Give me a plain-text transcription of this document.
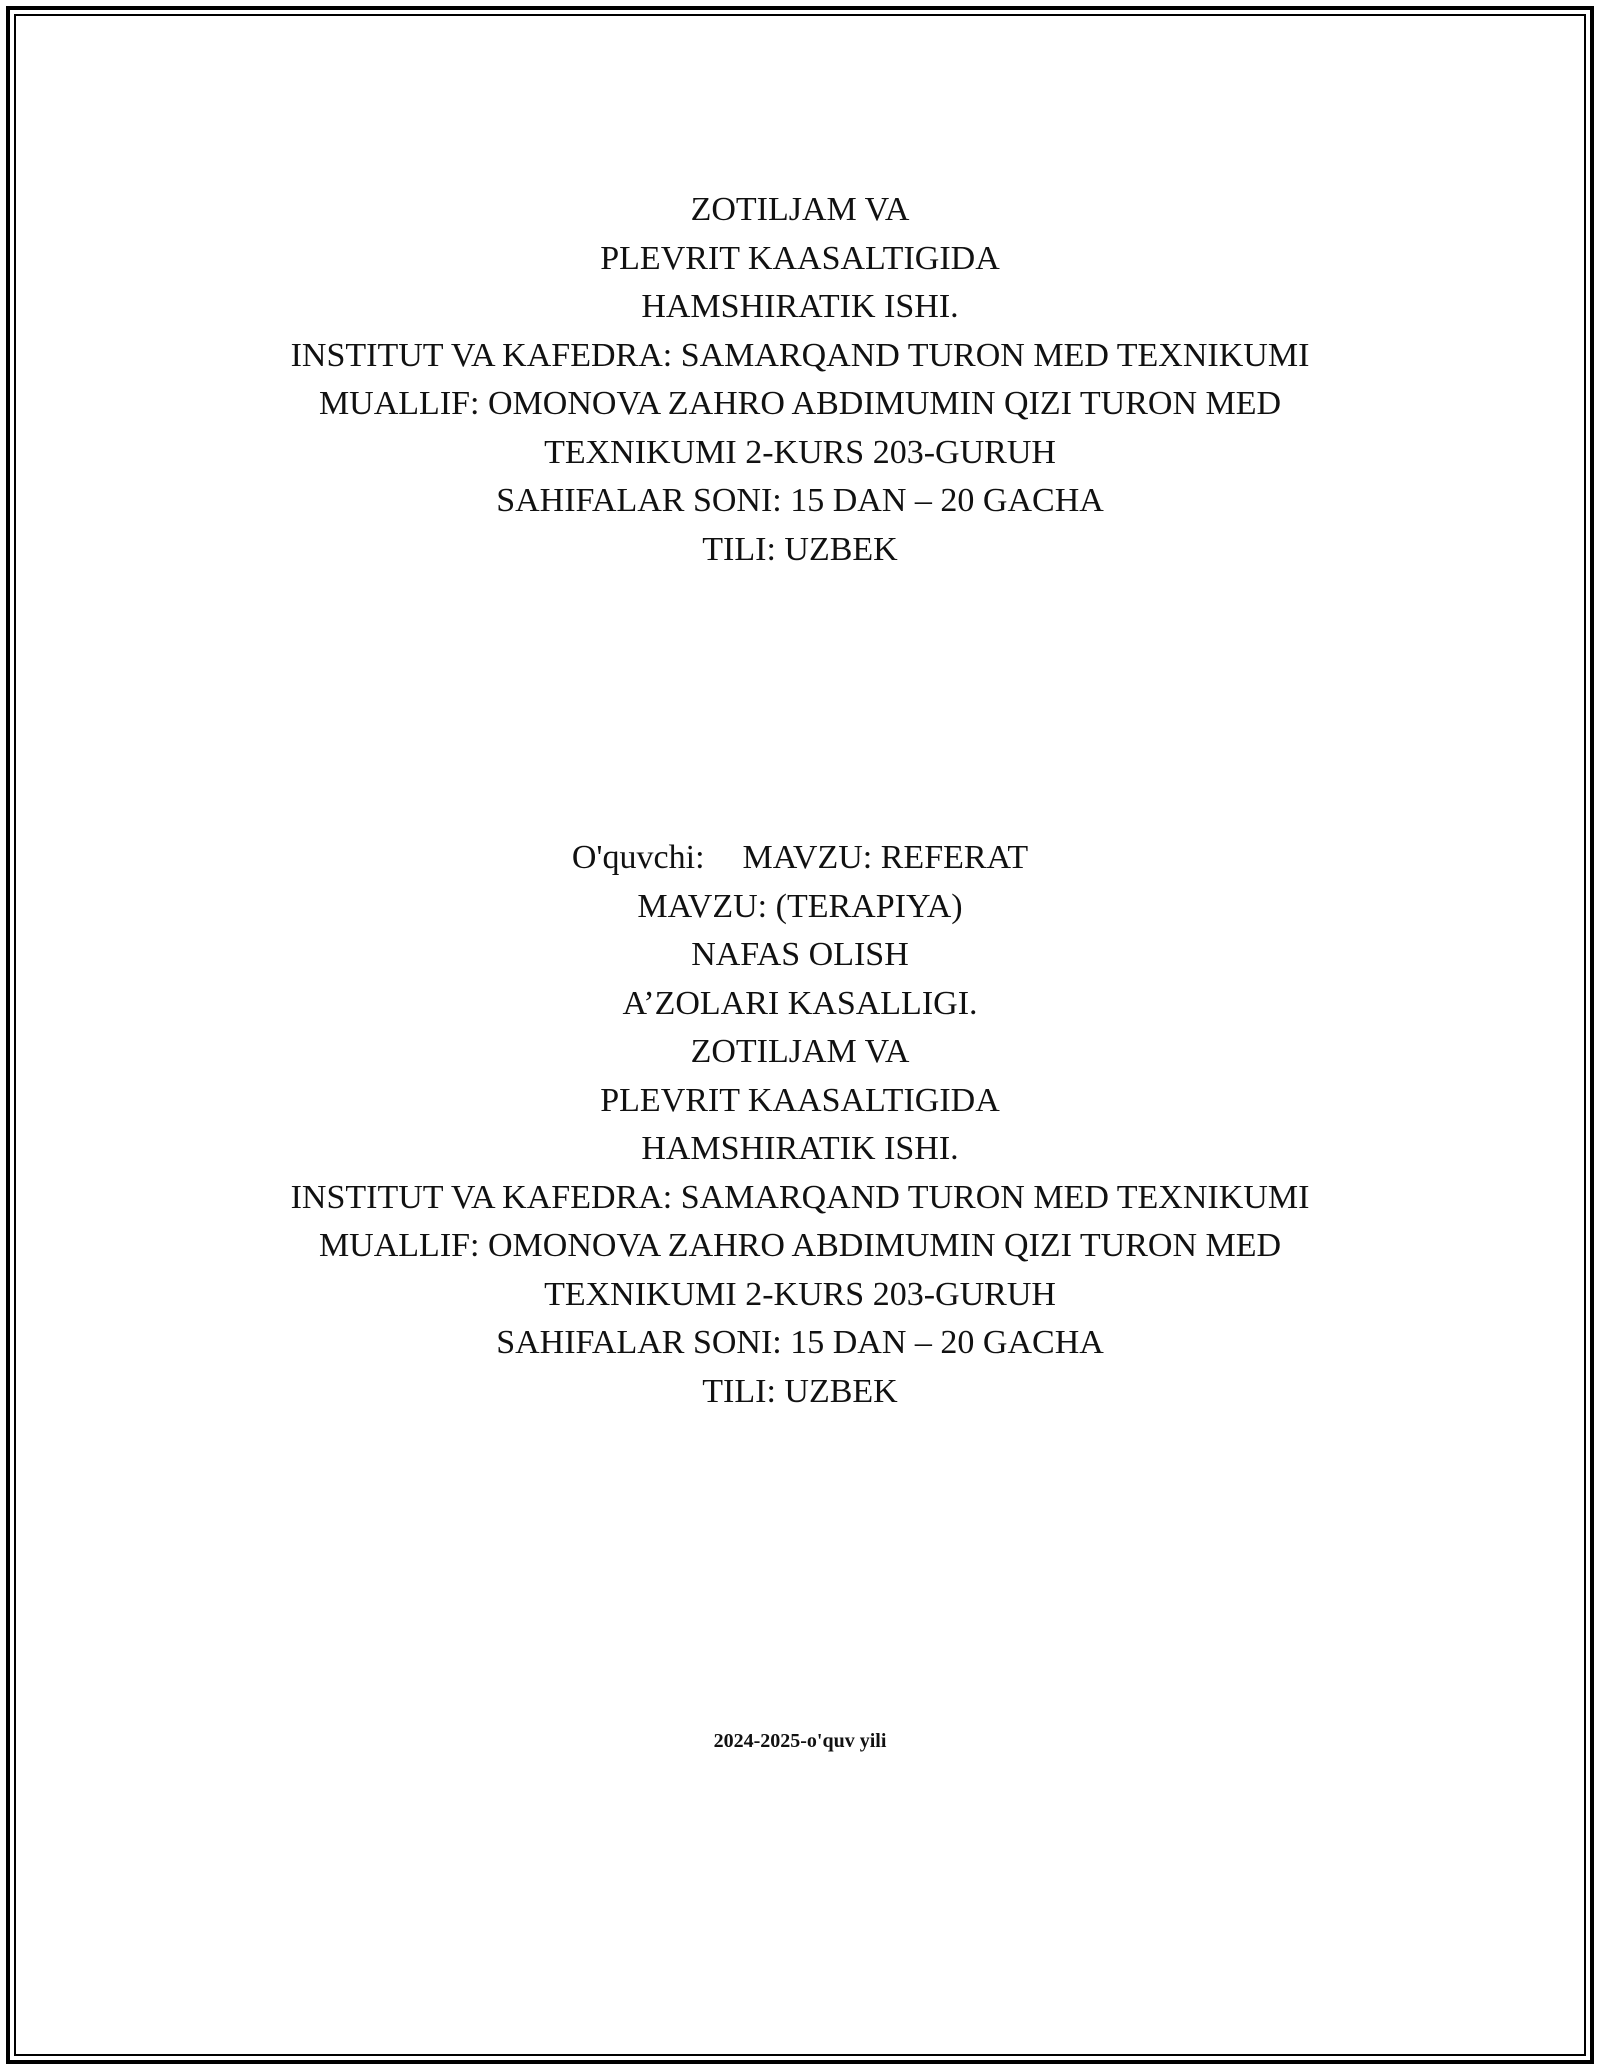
ZOTILJAM VA
PLEVRIT KAASALTIGIDA
HAMSHIRATIK ISHI.
INSTITUT VA KAFEDRA: SAMARQAND TURON MED TEXNIKUMI
MUALLIF: OMONOVA ZAHRO ABDIMUMIN QIZI TURON MED
TEXNIKUMI 2-KURS 203-GURUH
SAHIFALAR SONI: 15 DAN – 20 GACHA
TILI: UZBEK
O'quvchi: MAVZU: REFERAT
MAVZU: (TERAPIYA)
NAFAS OLISH
A’ZOLARI KASALLIGI.
ZOTILJAM VA
PLEVRIT KAASALTIGIDA
HAMSHIRATIK ISHI.
INSTITUT VA KAFEDRA: SAMARQAND TURON MED TEXNIKUMI
MUALLIF: OMONOVA ZAHRO ABDIMUMIN QIZI TURON MED
TEXNIKUMI 2-KURS 203-GURUH
SAHIFALAR SONI: 15 DAN – 20 GACHA
TILI: UZBEK
2024-2025-o'quv yili
